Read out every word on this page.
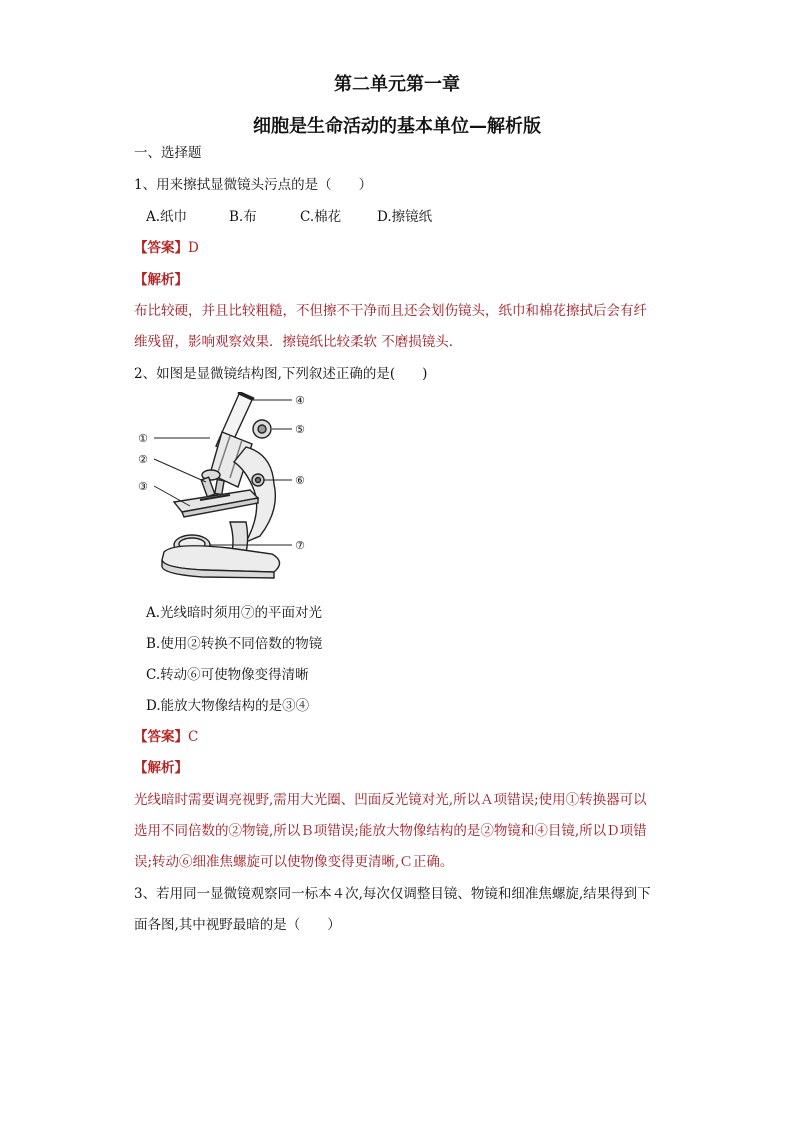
第二单元第一章
细胞是生命活动的基本单位—解析版
一、选择题
1、用来擦拭显微镜头污点的是（　　）
A.纸巾	B.布	C.棉花	D.擦镜纸
【答案】D
【解析】
布比较硬，并且比较粗糙，不但擦不干净而且还会划伤镜头，纸巾和棉花擦拭后会有纤
维残留，影响观察效果．擦镜纸比较柔软 不磨损镜头．
2、如图是显微镜结构图,下列叙述正确的是(　　)
①
②
③
④
⑤
⑥
⑦
A.光线暗时须用⑦的平面对光
B.使用②转换不同倍数的物镜
C.转动⑥可使物像变得清晰
D.能放大物像结构的是③④
【答案】C
【解析】
光线暗时需要调亮视野,需用大光圈、凹面反光镜对光,所以Ａ项错误;使用①转换器可以
选用不同倍数的②物镜,所以Ｂ项错误;能放大物像结构的是②物镜和④目镜,所以Ｄ项错
误;转动⑥细准焦螺旋可以使物像变得更清晰,Ｃ正确。
3、若用同一显微镜观察同一标本４次,每次仅调整目镜、物镜和细准焦螺旋,结果得到下
面各图,其中视野最暗的是（　　）
